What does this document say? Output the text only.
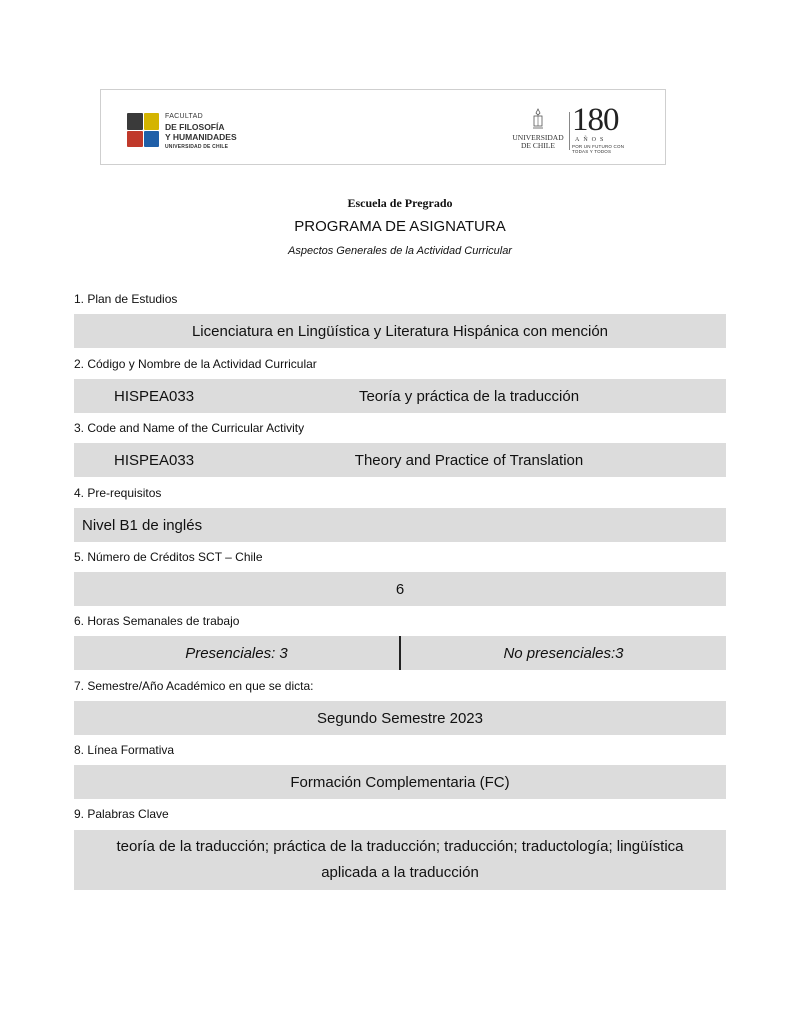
FACULTAD
DE FILOSOFÍA
Y HUMANIDADES
UNIVERSIDAD DE CHILE
UNIVERSIDAD
DE CHILE
180
AÑOS
POR UN FUTURO CON
TODAS Y TODOS
Escuela de Pregrado
PROGRAMA DE ASIGNATURA
Aspectos Generales de la Actividad Curricular
1. Plan de Estudios
Licenciatura en Lingüística y Literatura Hispánica con mención
2. Código y Nombre de la Actividad Curricular
HISPEA033	Teoría y práctica de la traducción
3. Code and Name of the Curricular Activity
HISPEA033	Theory and Practice of Translation
4. Pre-requisitos
Nivel B1 de inglés
5. Número de Créditos SCT – Chile
6
6. Horas Semanales de trabajo
Presenciales: 3	No presenciales:3
7. Semestre/Año Académico en que se dicta:
Segundo Semestre 2023
8. Línea Formativa
Formación Complementaria (FC)
9. Palabras Clave
teoría de la traducción; práctica de la traducción; traducción; traductología; lingüística aplicada a la traducción
